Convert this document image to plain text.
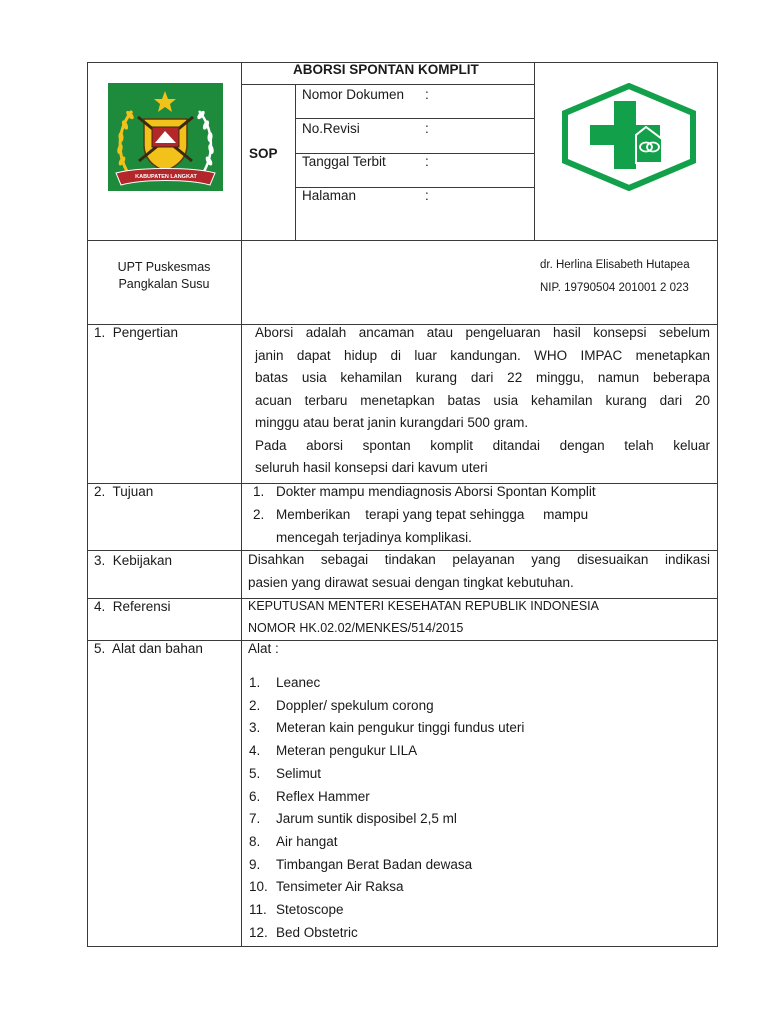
KABUPATEN LANGKAT
ABORSI SPONTAN KOMPLIT
SOP
Nomor Dokumen :
No.Revisi	:
Tanggal Terbit	:
Halaman	:
UPT Puskesmas
Pangkalan Susu
dr. Herlina Elisabeth Hutapea
NIP. 19790504 201001 2 023
1.  Pengertian	Aborsi adalah ancaman atau pengeluaran hasil konsepsi sebelum
janin dapat hidup di luar kandungan. WHO IMPAC menetapkan
batas usia kehamilan kurang dari 22 minggu, namun beberapa
acuan terbaru menetapkan batas usia kehamilan kurang dari 20
minggu atau berat janin kurangdari 500 gram.
Pada aborsi spontan komplit ditandai dengan telah keluar
seluruh hasil konsepsi dari kavum uteri
2.  Tujuan	1. Dokter mampu mendiagnosis Aborsi Spontan Komplit
2. Memberikan    terapi yang tepat sehingga     mampu
mencegah terjadinya komplikasi.
3.  Kebijakan	Disahkan sebagai tindakan pelayanan yang disesuaikan indikasi
pasien yang dirawat sesuai dengan tingkat kebutuhan.
4.  Referensi	KEPUTUSAN MENTERI KESEHATAN REPUBLIK INDONESIA
NOMOR HK.02.02/MENKES/514/2015
5.  Alat dan bahan	Alat :
1. Leanec
2. Doppler/ spekulum corong
3. Meteran kain pengukur tinggi fundus uteri
4. Meteran pengukur LILA
5. Selimut
6. Reflex Hammer
7. Jarum suntik disposibel 2,5 ml
8. Air hangat
9. Timbangan Berat Badan dewasa
10. Tensimeter Air Raksa
11. Stetoscope
12. Bed Obstetric
